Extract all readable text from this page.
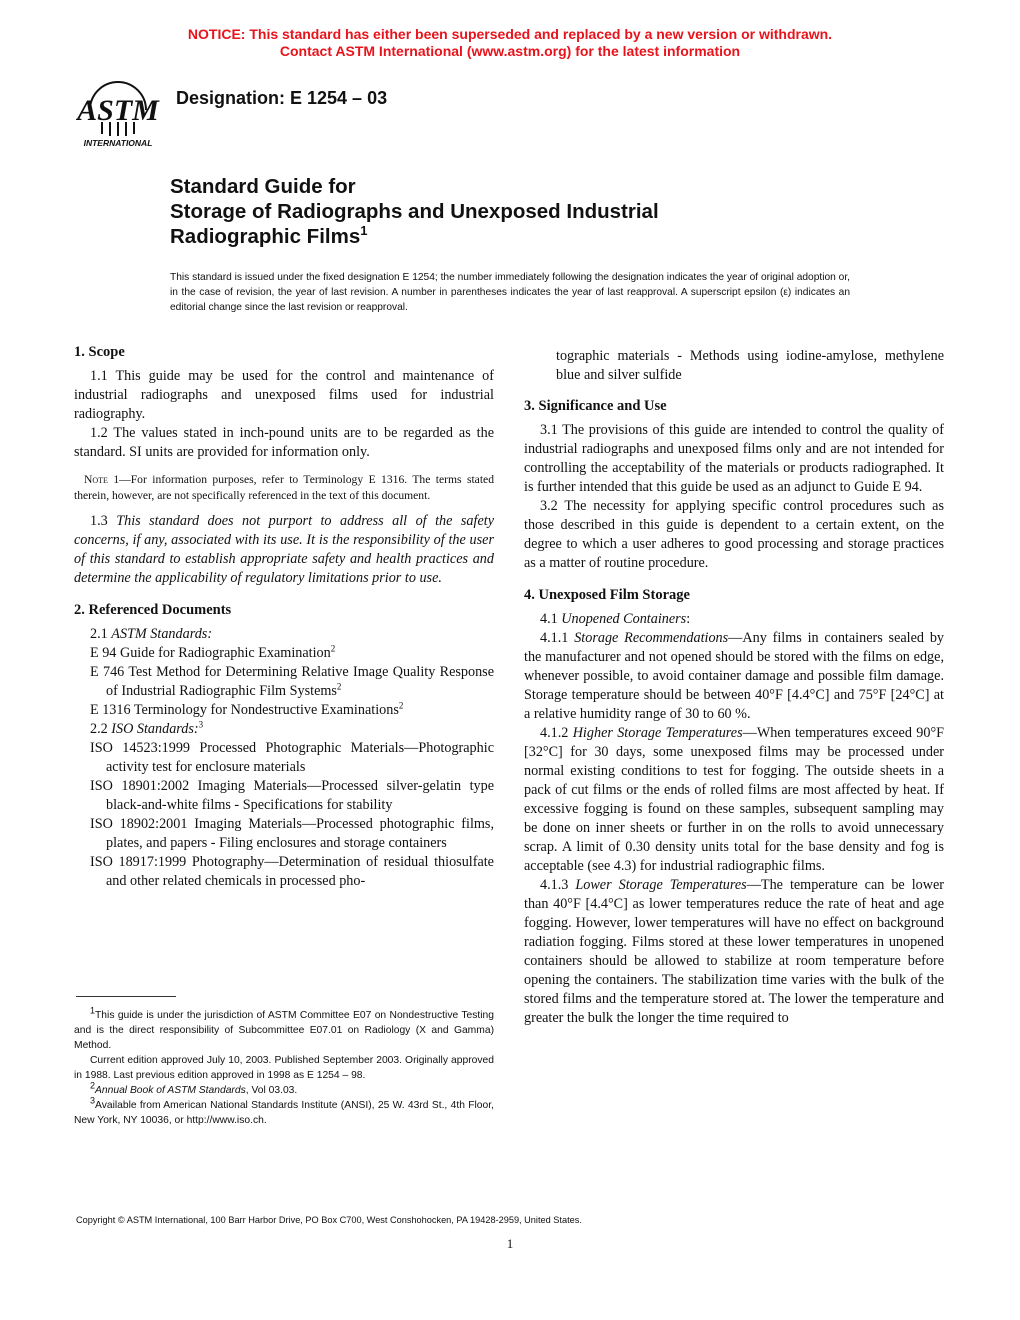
NOTICE: This standard has either been superseded and replaced by a new version or withdrawn.
Contact ASTM International (www.astm.org) for the latest information
ASTM
INTERNATIONAL
Designation: E 1254 – 03
Standard Guide for
Storage of Radiographs and Unexposed Industrial
Radiographic Films$^1$
This standard is issued under the fixed designation E 1254; the number immediately following the designation indicates the year of original adoption or, in the case of revision, the year of last revision. A number in parentheses indicates the year of last reapproval. A superscript epsilon (ε) indicates an editorial change since the last revision or reapproval.
1. Scope

1.1 This guide may be used for the control and maintenance of industrial radiographs and unexposed films used for industrial radiography.

1.2 The values stated in inch-pound units are to be regarded as the standard. SI units are provided for information only.

Note 1—For information purposes, refer to Terminology E 1316. The terms stated therein, however, are not specifically referenced in the text of this document.

1.3 This standard does not purport to address all of the safety concerns, if any, associated with its use. It is the responsibility of the user of this standard to establish appropriate safety and health practices and determine the applicability of regulatory limitations prior to use.

2. Referenced Documents

2.1 ASTM Standards:

E 94 Guide for Radiographic Examination$^2$

E 746 Test Method for Determining Relative Image Quality Response of Industrial Radiographic Film Systems$^2$

E 1316 Terminology for Nondestructive Examinations$^2$

2.2 ISO Standards:$^3$

ISO 14523:1999 Processed Photographic Materials—Photographic activity test for enclosure materials

ISO 18901:2002 Imaging Materials—Processed silver-gelatin type black-and-white films - Specifications for stability

ISO 18902:2001 Imaging Materials—Processed photographic films, plates, and papers - Filing enclosures and storage containers

ISO 18917:1999 Photography—Determination of residual thiosulfate and other related chemicals in processed pho-

tographic materials - Methods using iodine-amylose, methylene blue and silver sulfide

3. Significance and Use

3.1 The provisions of this guide are intended to control the quality of industrial radiographs and unexposed films only and are not intended for controlling the acceptability of the materials or products radiographed. It is further intended that this guide be used as an adjunct to Guide E 94.

3.2 The necessity for applying specific control procedures such as those described in this guide is dependent to a certain extent, on the degree to which a user adheres to good processing and storage practices as a matter of routine procedure.

4. Unexposed Film Storage

4.1 Unopened Containers:

4.1.1 Storage Recommendations—Any films in containers sealed by the manufacturer and not opened should be stored with the films on edge, whenever possible, to avoid container damage and possible film damage. Storage temperature should be between 40°F [4.4°C] and 75°F [24°C] at a relative humidity range of 30 to 60 %.

4.1.2 Higher Storage Temperatures—When temperatures exceed 90°F [32°C] for 30 days, some unexposed films may be processed under normal existing conditions to test for fogging. The outside sheets in a pack of cut films or the ends of rolled films are most affected by heat. If excessive fogging is found on these samples, subsequent sampling may be done on inner sheets or further in on the rolls to avoid unnecessary scrap. A limit of 0.30 density units total for the base density and fog is acceptable (see 4.3) for industrial radiographic films.

4.1.3 Lower Storage Temperatures—The temperature can be lower than 40°F [4.4°C] as lower temperatures reduce the rate of heat and age fogging. However, lower temperatures will have no effect on background radiation fogging. Films stored at these lower temperatures in unopened containers should be allowed to stabilize at room temperature before opening the containers. The stabilization time varies with the bulk of the stored films and the temperature stored at. The lower the temperature and greater the bulk the longer the time required to

$^1$This guide is under the jurisdiction of ASTM Committee E07 on Nondestructive Testing and is the direct responsibility of Subcommittee E07.01 on Radiology (X and Gamma) Method.

Current edition approved July 10, 2003. Published September 2003. Originally approved in 1988. Last previous edition approved in 1998 as E 1254 – 98.

$^2$Annual Book of ASTM Standards, Vol 03.03.

$^3$Available from American National Standards Institute (ANSI), 25 W. 43rd St., 4th Floor, New York, NY 10036, or http://www.iso.ch.

Copyright © ASTM International, 100 Barr Harbor Drive, PO Box C700, West Conshohocken, PA 19428-2959, United States.
1
